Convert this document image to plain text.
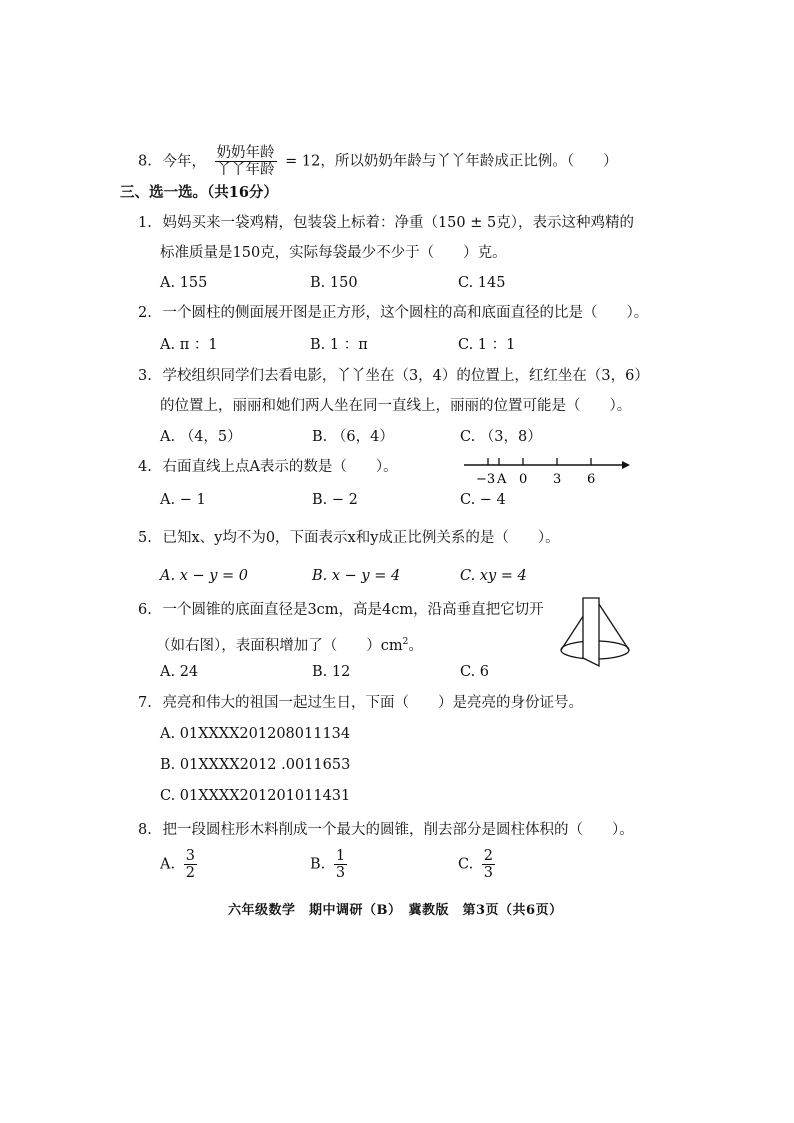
8. 今年， $\frac{\text{奶奶年龄}}{\text{丫丫年龄}} = 12$，所以奶奶年龄与丫丫年龄成正比例。（　　）
三、选一选。（共16分）
1. 妈妈买来一袋鸡精，包装袋上标着：净重（150 ± 5克），表示这种鸡精的
标准质量是150克，实际每袋最少不少于（　　）克。
A. 155	B. 150	C. 145
2. 一个圆柱的侧面展开图是正方形，这个圆柱的高和底面直径的比是（　　）。
A. π ：1	B. 1 ：π	C. 1 ：1
3. 学校组织同学们去看电影，丫丫坐在（3，4）的位置上，红红坐在（3，6）
的位置上，丽丽和她们两人坐在同一直线上，丽丽的位置可能是（　　）。
A. （4，5）	B. （6，4）	C. （3，8）
4. 右面直线上点A表示的数是（　　）。
−3 A 0 3 6
A. − 1	B. − 2	C. − 4
5. 已知x、y均不为0，下面表示x和y成正比例关系的是（　　）。
A. x − y = 0	B. x − y = 4	C. xy = 4
6. 一个圆锥的底面直径是3cm，高是4cm，沿高垂直把它切开
（如右图），表面积增加了（　　）$cm^2$。
A. 24	B. 12	C. 6
7. 亮亮和伟大的祖国一起过生日，下面（　　）是亮亮的身份证号。
A. 01XXXX201208011134
B. 01XXXX2012 .0011653
C. 01XXXX201201011431
8. 把一段圆柱形木料削成一个最大的圆锥，削去部分是圆柱体积的（　　）。
A. $\frac{3}{2}$	B. $\frac{1}{3}$	C. $\frac{2}{3}$
六年级数学　期中调研（B）　冀教版　第3页（共6页）
